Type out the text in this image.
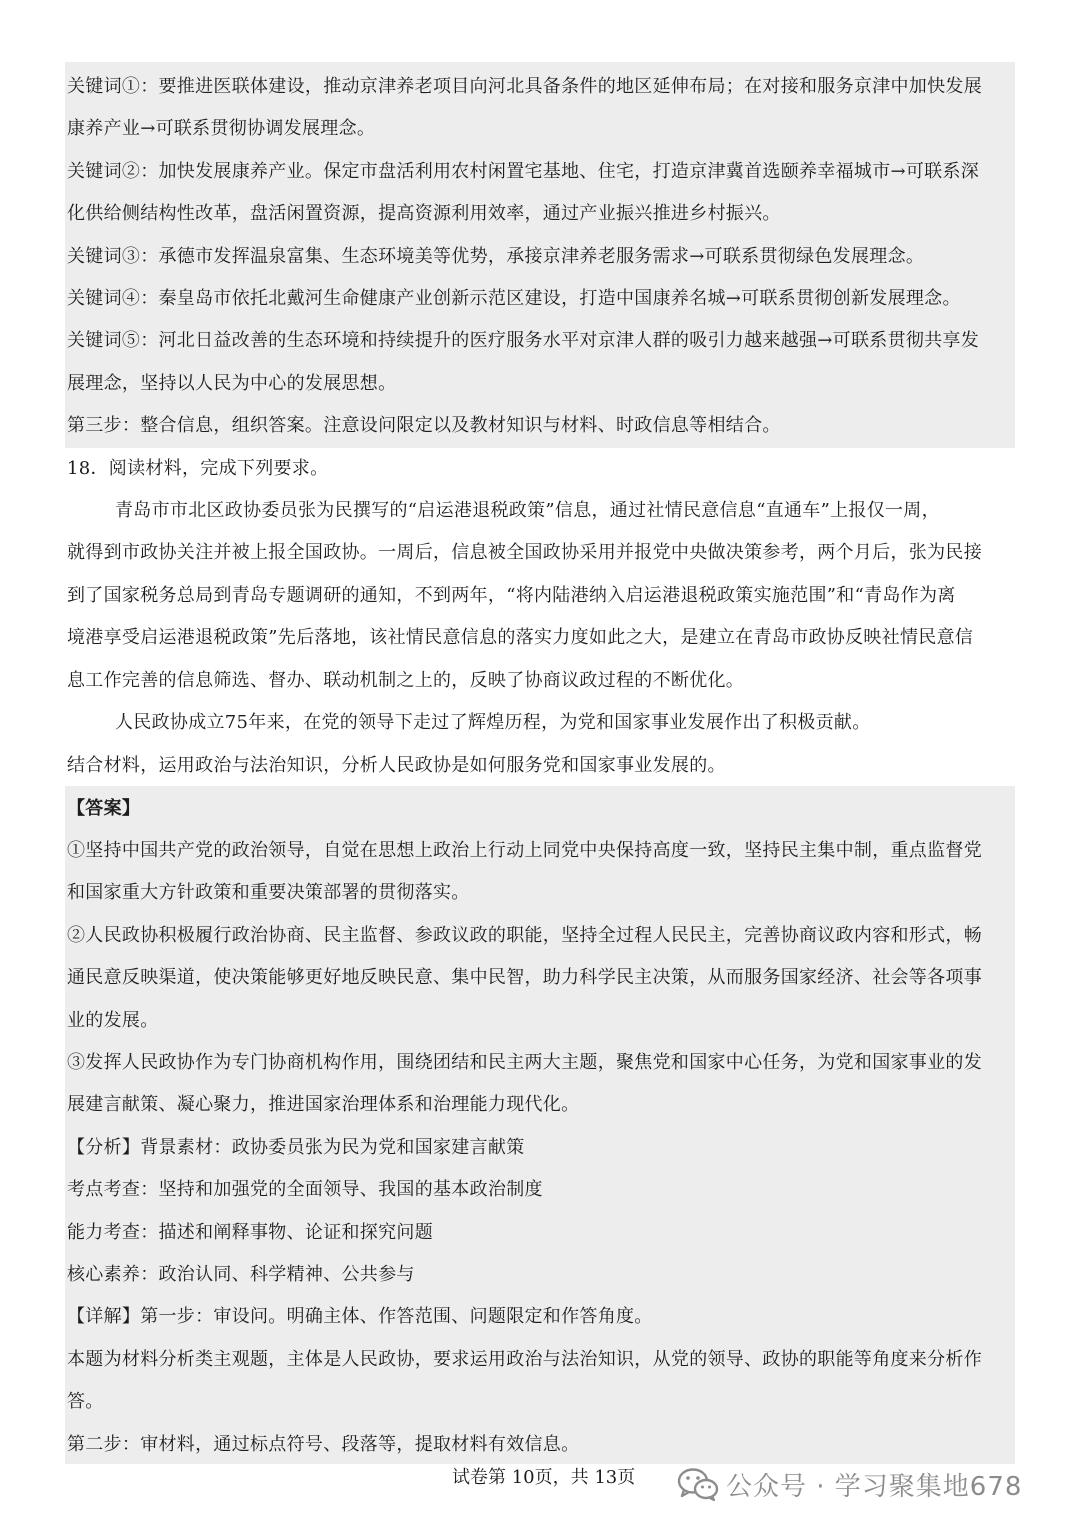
关键词①：要推进医联体建设，推动京津养老项目向河北具备条件的地区延伸布局；在对接和服务京津中加快发展
康养产业→可联系贯彻协调发展理念。
关键词②：加快发展康养产业。保定市盘活利用农村闲置宅基地、住宅，打造京津冀首选颐养幸福城市→可联系深
化供给侧结构性改革，盘活闲置资源，提高资源利用效率，通过产业振兴推进乡村振兴。
关键词③：承德市发挥温泉富集、生态环境美等优势，承接京津养老服务需求→可联系贯彻绿色发展理念。
关键词④：秦皇岛市依托北戴河生命健康产业创新示范区建设，打造中国康养名城→可联系贯彻创新发展理念。
关键词⑤：河北日益改善的生态环境和持续提升的医疗服务水平对京津人群的吸引力越来越强→可联系贯彻共享发
展理念，坚持以人民为中心的发展思想。
第三步：整合信息，组织答案。注意设问限定以及教材知识与材料、时政信息等相结合。
18．阅读材料，完成下列要求。
青岛市市北区政协委员张为民撰写的“启运港退税政策”信息，通过社情民意信息“直通车”上报仅一周，
就得到市政协关注并被上报全国政协。一周后，信息被全国政协采用并报党中央做决策参考，两个月后，张为民接
到了国家税务总局到青岛专题调研的通知，不到两年，“将内陆港纳入启运港退税政策实施范围”和“青岛作为离
境港享受启运港退税政策”先后落地，该社情民意信息的落实力度如此之大，是建立在青岛市政协反映社情民意信
息工作完善的信息筛选、督办、联动机制之上的，反映了协商议政过程的不断优化。
人民政协成立75年来，在党的领导下走过了辉煌历程，为党和国家事业发展作出了积极贡献。
结合材料，运用政治与法治知识，分析人民政协是如何服务党和国家事业发展的。
【答案】
①坚持中国共产党的政治领导，自觉在思想上政治上行动上同党中央保持高度一致，坚持民主集中制，重点监督党
和国家重大方针政策和重要决策部署的贯彻落实。
②人民政协积极履行政治协商、民主监督、参政议政的职能，坚持全过程人民民主，完善协商议政内容和形式，畅
通民意反映渠道，使决策能够更好地反映民意、集中民智，助力科学民主决策，从而服务国家经济、社会等各项事
业的发展。
③发挥人民政协作为专门协商机构作用，围绕团结和民主两大主题，聚焦党和国家中心任务，为党和国家事业的发
展建言献策、凝心聚力，推进国家治理体系和治理能力现代化。
【分析】背景素材：政协委员张为民为党和国家建言献策
考点考查：坚持和加强党的全面领导、我国的基本政治制度
能力考查：描述和阐释事物、论证和探究问题
核心素养：政治认同、科学精神、公共参与
【详解】第一步：审设问。明确主体、作答范围、问题限定和作答角度。
本题为材料分析类主观题，主体是人民政协，要求运用政治与法治知识，从党的领导、政协的职能等角度来分析作
答。
第二步：审材料，通过标点符号、段落等，提取材料有效信息。
试卷第 10页，共 13页	公众号 · 学习聚集地678
